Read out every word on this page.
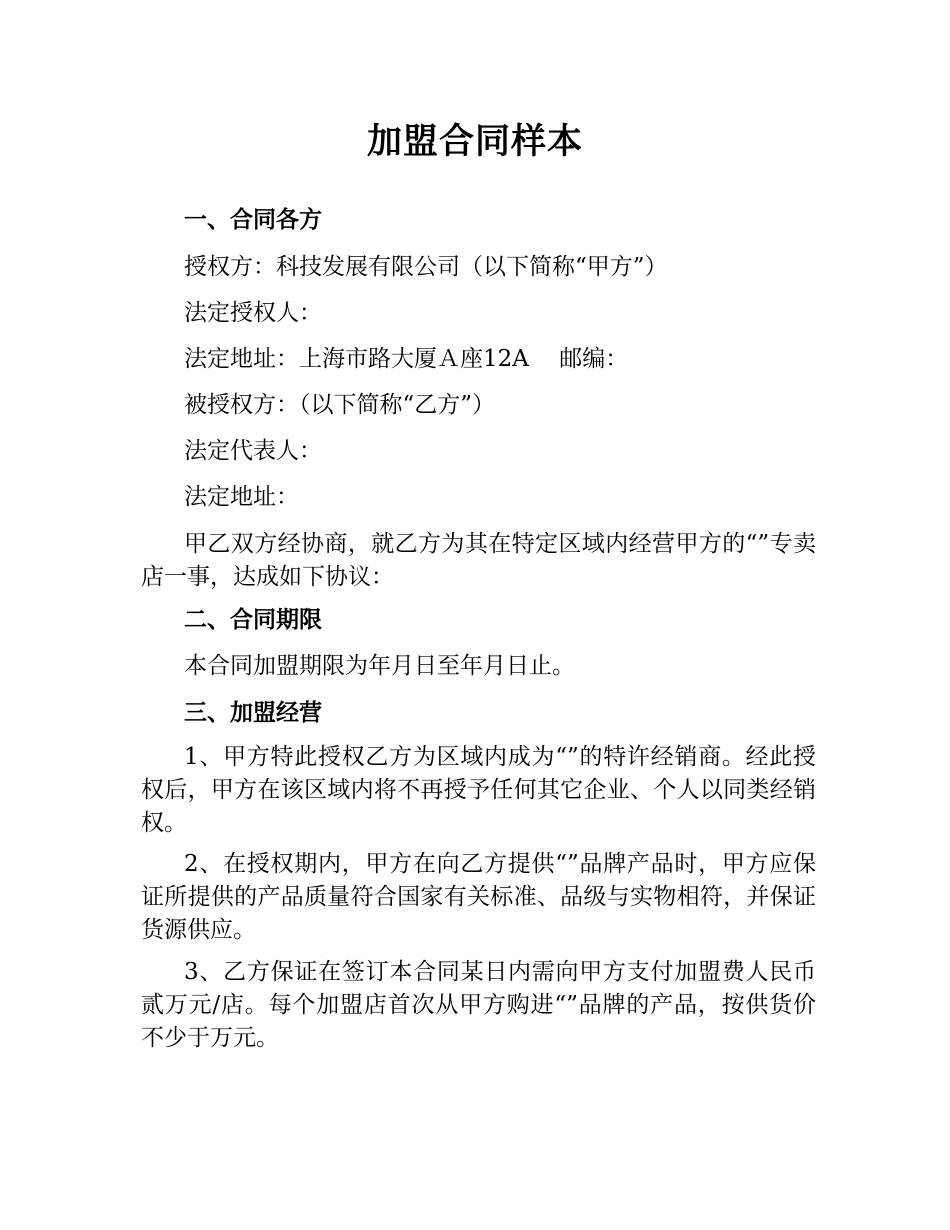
加盟合同样本
一、合同各方
授权方：科技发展有限公司（以下简称“甲方”）
法定授权人：
法定地址：上海市路大厦Ａ座12A　 邮编：
被授权方：（以下简称“乙方”）
法定代表人：
法定地址：
甲乙双方经协商，就乙方为其在特定区域内经营甲方的“”专卖店一事，达成如下协议：
二、合同期限
本合同加盟期限为年月日至年月日止。
三、加盟经营
1、甲方特此授权乙方为区域内成为“”的特许经销商。经此授权后，甲方在该区域内将不再授予任何其它企业、个人以同类经销权。
2、在授权期内，甲方在向乙方提供“”品牌产品时，甲方应保证所提供的产品质量符合国家有关标准、品级与实物相符，并保证货源供应。
3、乙方保证在签订本合同某日内需向甲方支付加盟费人民币贰万元/店。每个加盟店首次从甲方购进“”品牌的产品，按供货价不少于万元。
